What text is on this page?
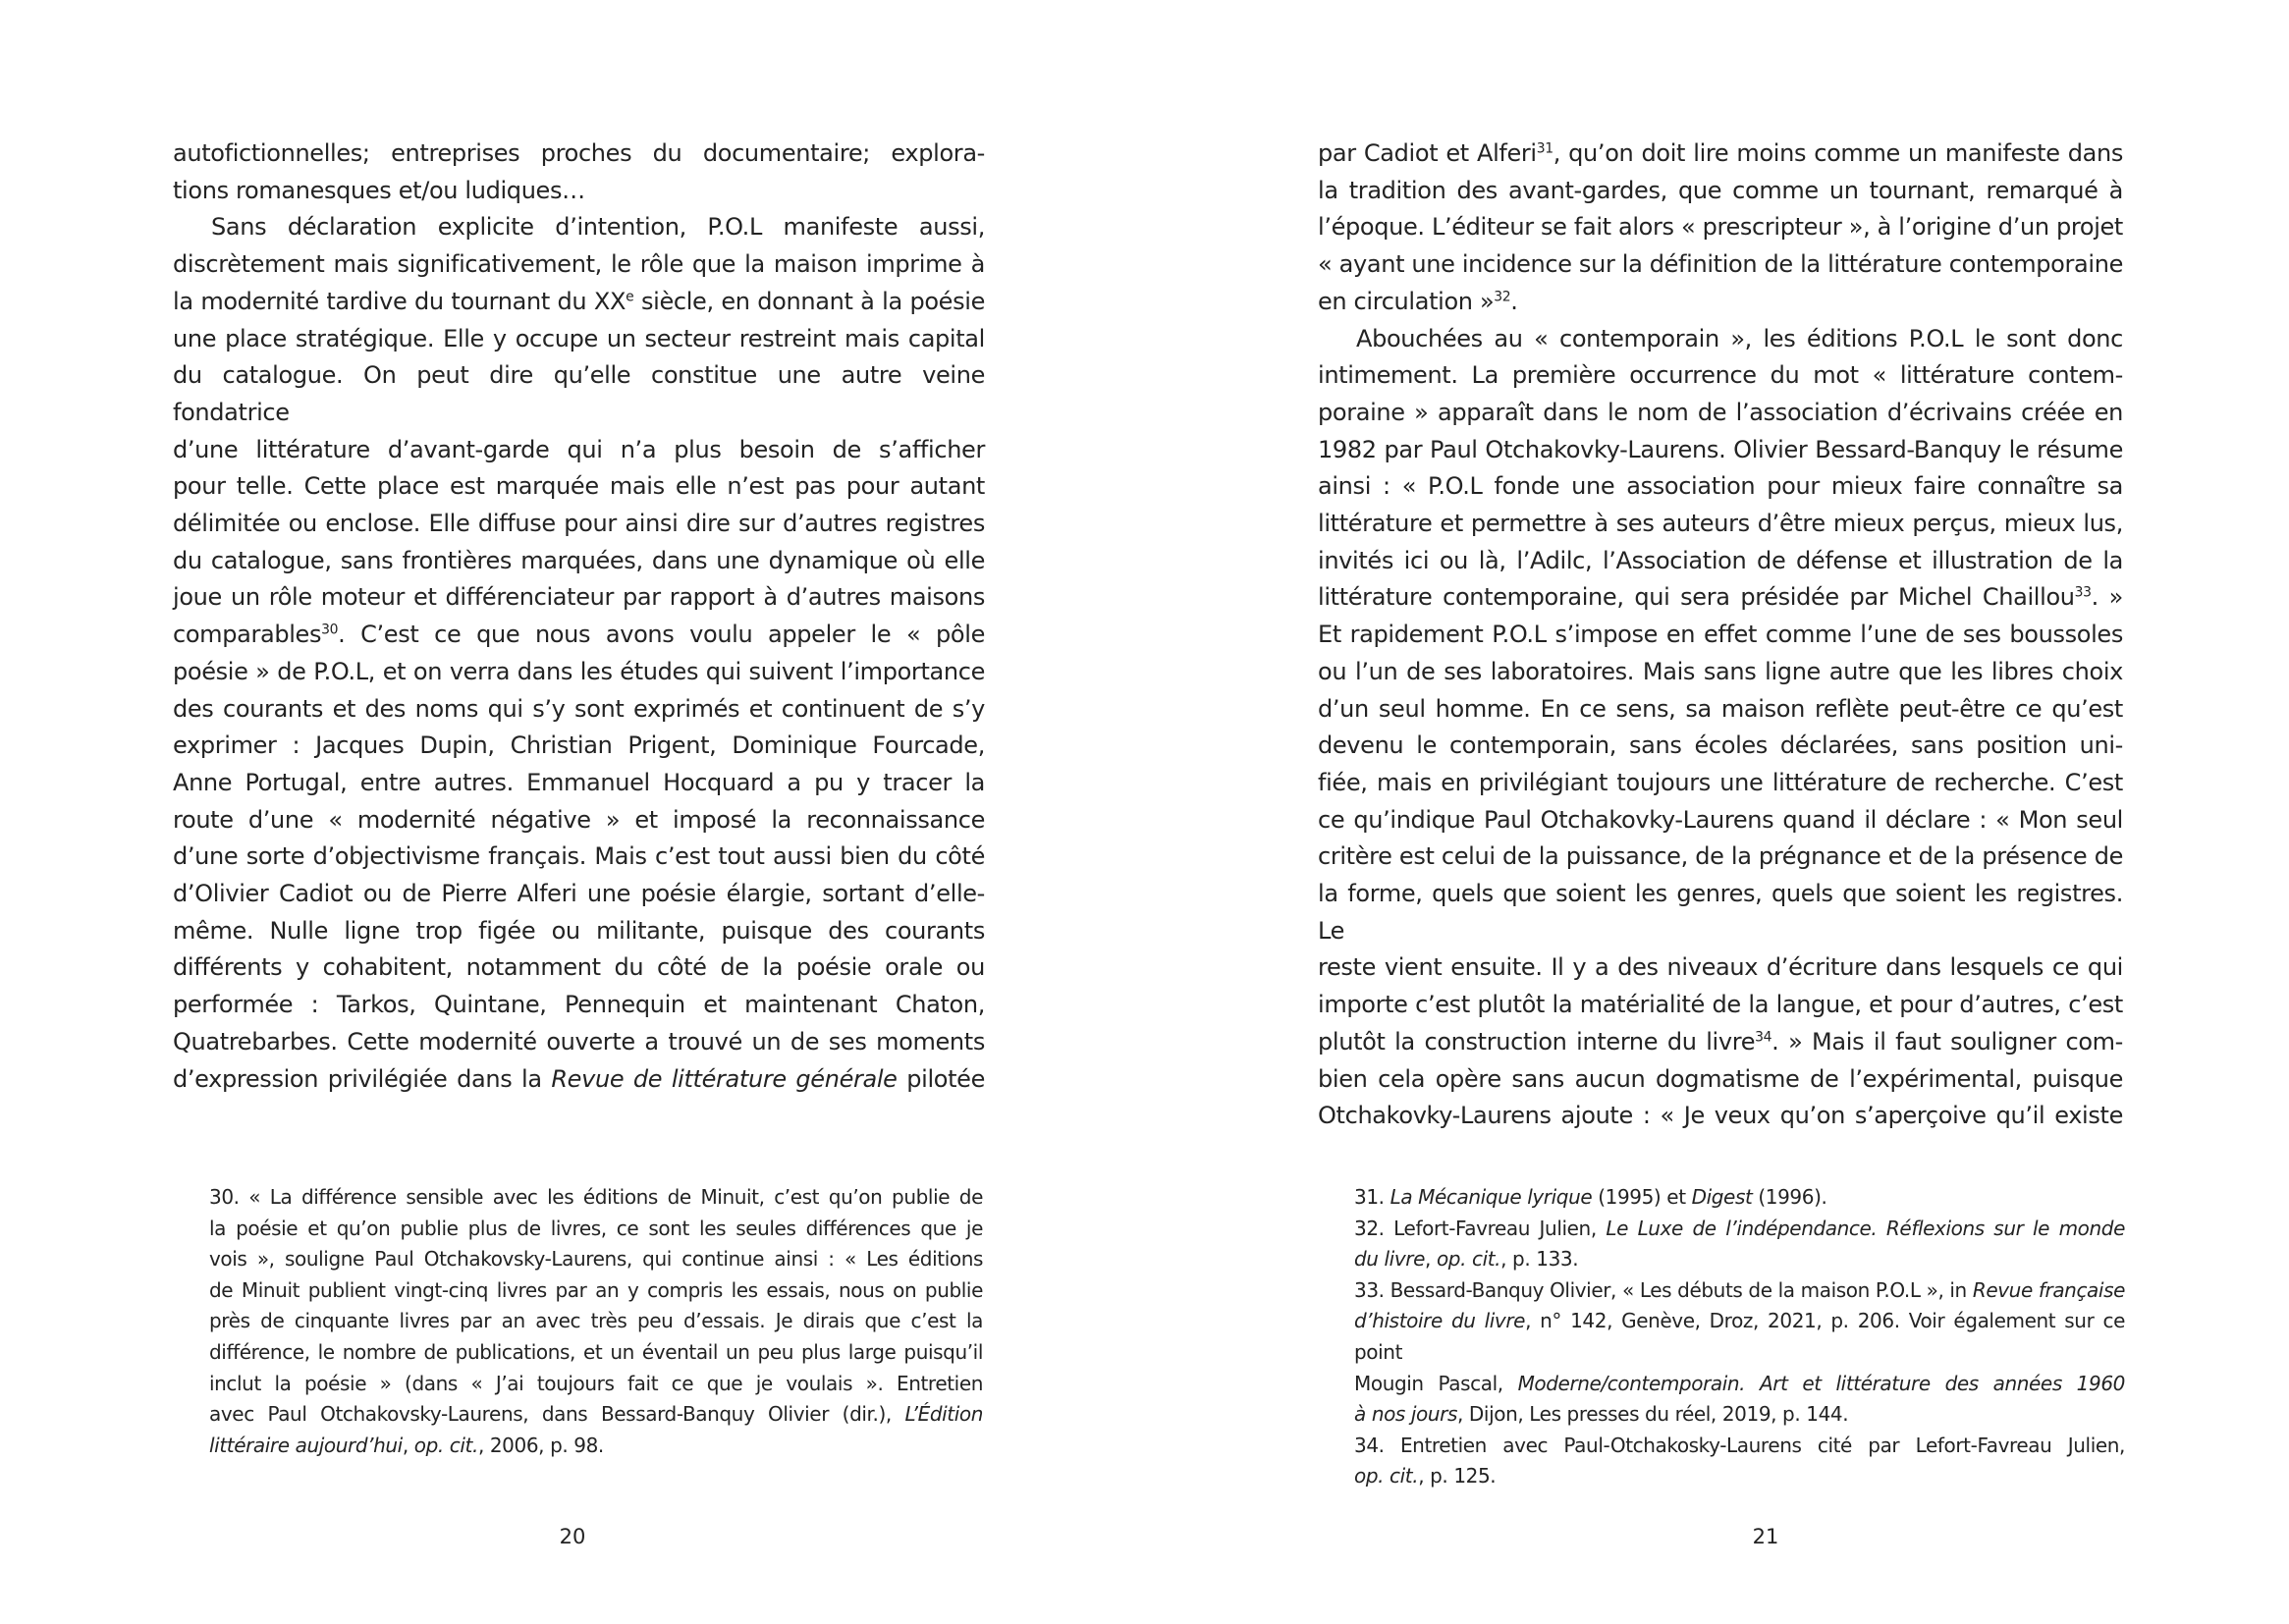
autofictionnelles; entreprises proches du documentaire; explora-
tions romanesques et/ou ludiques…
Sans déclaration explicite d’intention, P.O.L manifeste aussi,
discrètement mais significativement, le rôle que la maison imprime à
la modernité tardive du tournant du XXe siècle, en donnant à la poésie
une place stratégique. Elle y occupe un secteur restreint mais capital
du catalogue. On peut dire qu’elle constitue une autre veine fondatrice
d’une littérature d’avant-garde qui n’a plus besoin de s’afficher
pour telle. Cette place est marquée mais elle n’est pas pour autant
délimitée ou enclose. Elle diffuse pour ainsi dire sur d’autres registres
du catalogue, sans frontières marquées, dans une dynamique où elle
joue un rôle moteur et différenciateur par rapport à d’autres maisons
comparables$^{30}$. C’est ce que nous avons voulu appeler le « pôle
poésie » de P.O.L, et on verra dans les études qui suivent l’importance
des courants et des noms qui s’y sont exprimés et continuent de s’y
exprimer : Jacques Dupin, Christian Prigent, Dominique Fourcade,
Anne Portugal, entre autres. Emmanuel Hocquard a pu y tracer la
route d’une « modernité négative » et imposé la reconnaissance
d’une sorte d’objectivisme français. Mais c’est tout aussi bien du côté
d’Olivier Cadiot ou de Pierre Alferi une poésie élargie, sortant d’elle-
même. Nulle ligne trop figée ou militante, puisque des courants
différents y cohabitent, notamment du côté de la poésie orale ou
performée : Tarkos, Quintane, Pennequin et maintenant Chaton,
Quatrebarbes. Cette modernité ouverte a trouvé un de ses moments
d’expression privilégiée dans la Revue de littérature générale pilotée
30. « La différence sensible avec les éditions de Minuit, c’est qu’on publie de
la poésie et qu’on publie plus de livres, ce sont les seules différences que je
vois », souligne Paul Otchakovsky-Laurens, qui continue ainsi : « Les éditions
de Minuit publient vingt-cinq livres par an y compris les essais, nous on publie
près de cinquante livres par an avec très peu d’essais. Je dirais que c’est la
différence, le nombre de publications, et un éventail un peu plus large puisqu’il
inclut la poésie » (dans « J’ai toujours fait ce que je voulais ». Entretien
avec Paul Otchakovsky-Laurens, dans Bessard-Banquy Olivier (dir.), L’Édition
littéraire aujourd’hui, op. cit., 2006, p. 98.
20
par Cadiot et Alferi$^{31}$, qu’on doit lire moins comme un manifeste dans
la tradition des avant-gardes, que comme un tournant, remarqué à
l’époque. L’éditeur se fait alors « prescripteur », à l’origine d’un projet
« ayant une incidence sur la définition de la littérature contemporaine
en circulation »$^{32}$.
Abouchées au « contemporain », les éditions P.O.L le sont donc
intimement. La première occurrence du mot « littérature contem-
poraine » apparaît dans le nom de l’association d’écrivains créée en
1982 par Paul Otchakovky-Laurens. Olivier Bessard-Banquy le résume
ainsi : « P.O.L fonde une association pour mieux faire connaître sa
littérature et permettre à ses auteurs d’être mieux perçus, mieux lus,
invités ici ou là, l’Adilc, l’Association de défense et illustration de la
littérature contemporaine, qui sera présidée par Michel Chaillou$^{33}$. »
Et rapidement P.O.L s’impose en effet comme l’une de ses boussoles
ou l’un de ses laboratoires. Mais sans ligne autre que les libres choix
d’un seul homme. En ce sens, sa maison reflète peut-être ce qu’est
devenu le contemporain, sans écoles déclarées, sans position uni-
fiée, mais en privilégiant toujours une littérature de recherche. C’est
ce qu’indique Paul Otchakovky-Laurens quand il déclare : « Mon seul
critère est celui de la puissance, de la prégnance et de la présence de
la forme, quels que soient les genres, quels que soient les registres. Le
reste vient ensuite. Il y a des niveaux d’écriture dans lesquels ce qui
importe c’est plutôt la matérialité de la langue, et pour d’autres, c’est
plutôt la construction interne du livre$^{34}$. » Mais il faut souligner com-
bien cela opère sans aucun dogmatisme de l’expérimental, puisque
Otchakovky-Laurens ajoute : « Je veux qu’on s’aperçoive qu’il existe
31. La Mécanique lyrique (1995) et Digest (1996).
32. Lefort-Favreau Julien, Le Luxe de l’indépendance. Réflexions sur le monde
du livre, op. cit., p. 133.
33. Bessard-Banquy Olivier, « Les débuts de la maison P.O.L », in Revue française
d’histoire du livre, n° 142, Genève, Droz, 2021, p. 206. Voir également sur ce point
Mougin Pascal, Moderne/contemporain. Art et littérature des années 1960
à nos jours, Dijon, Les presses du réel, 2019, p. 144.
34. Entretien avec Paul-Otchakosky-Laurens cité par Lefort-Favreau Julien,
op. cit., p. 125.
21
